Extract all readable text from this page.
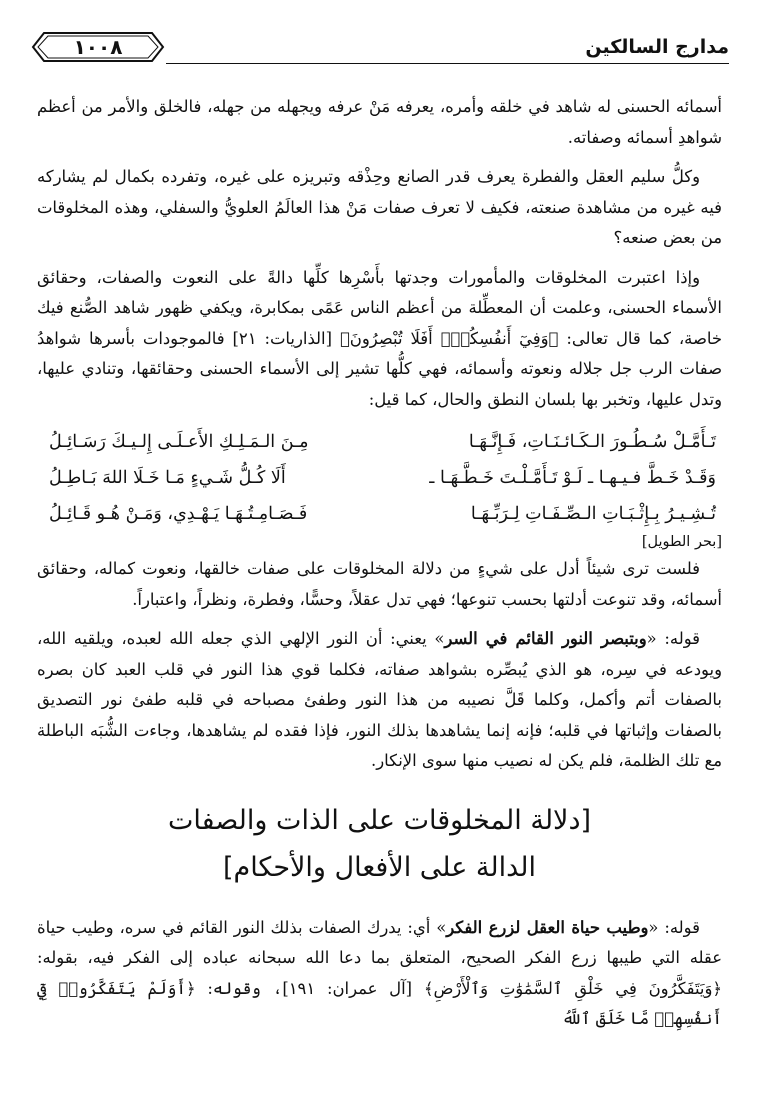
مدارج السالكين
١٠٠٨

أسمائه الحسنى له شاهد في خلقه وأمره، يعرفه مَنْ عرفه ويجهله من جهله، فالخلق والأمر من أعظم شواهدِ أسمائه وصفاته.

وكلُّ سليم العقل والفطرة يعرف قدر الصانع وحِذْقه وتبريزه على غيره، وتفرده بكمال لم يشاركه فيه غيره من مشاهدة صنعته، فكيف لا تعرف صفات مَنْ هذا العالَمُ العلويُّ والسفلي، وهذه المخلوقات من بعض صنعه؟

وإذا اعتبرت المخلوقات والمأمورات وجدتها بأَسْرِها كلِّها دالةً على النعوت والصفات، وحقائق الأسماء الحسنى، وعلمت أن المعطِّلة من أعظم الناس عَمًى بمكابرة، ويكفي ظهور شاهد الصُّنع فيك خاصة، كما قال تعالى: ﴿وَفِيٓ أَنفُسِكُمْۚ أَفَلَا تُبْصِرُونَ﴾ [الذاريات: ٢١] فالموجودات بأسرها شواهدُ صفات الرب جل جلاله ونعوته وأسمائه، فهي كلُّها تشير إلى الأسماء الحسنى وحقائقها، وتنادي عليها، وتدل عليها، وتخبر بها بلسان النطق والحال، كما قيل:

تَـأَمَّـلْ سُـطُـورَ الـكَـائـنَـاتِ، فَـإِنَّـهَـا
مِـنَ الـمَـلِـكِ الأَعـلَـى إِلـيـكَ رَسَـائِـلُ
وَقَـدْ خَـطَّ فـيـهـا ـ لَـوْ تَـأَمَّـلْـتَ خَـطَّـهَـا ـ
أَلَا كُـلُّ شَـيءٍ مَـا خَـلَا اللهَ بَـاطِـلُ
تُـشِـيـرُ بِـإِثْـبَـاتِ الـصِّـفَـاتِ لِـرَبِّـهَـا
فَـصَـامِـتُـهَـا يَـهْـدِي، وَمَـنْ هُـو قَـائِـلُ
[بحر الطويل]

فلست ترى شيئاً أدل على شيءٍ من دلالة المخلوقات على صفات خالقها، ونعوت كماله، وحقائق أسمائه، وقد تنوعت أدلتها بحسب تنوعها؛ فهي تدل عقلاً، وحسًّا، وفطرة، ونظراً، واعتباراً.

قوله: «وبتبصر النور القائم في السر» يعني: أن النور الإلهي الذي جعله الله لعبده، ويلقيه الله، ويودعه في سِره، هو الذي يُبصِّره بشواهد صفاته، فكلما قوي هذا النور في قلب العبد كان بصره بالصفات أتم وأكمل، وكلما قَلَّ نصيبه من هذا النور وطفئ مصباحه في قلبه طفئ نور التصديق بالصفات وإثباتها في قلبه؛ فإنه إنما يشاهدها بذلك النور، فإذا فقده لم يشاهدها، وجاءت الشُّبَه الباطلة مع تلك الظلمة، فلم يكن له نصيب منها سوى الإنكار.

[دلالة المخلوقات على الذات والصفات
الدالة على الأفعال والأحكام]

قوله: «وطيب حياة العقل لزرع الفكر» أي: يدرك الصفات بذلك النور القائم في سره، وطيب حياة عقله التي طيبها زرع الفكر الصحيح، المتعلق بما دعا الله سبحانه عباده إلى الفكر فيه، بقوله: ﴿وَيَتَفَكَّرُونَ فِي خَلْقِ ٱلسَّمَٰوَٰتِ وَٱلْأَرْضِ﴾ [آل عمران: ١٩١]، وقوله: ﴿أَوَلَمْ يَتَفَكَّرُوا۟ فِيٓ أَنفُسِهِمۗ مَّا خَلَقَ ٱللَّهُ
